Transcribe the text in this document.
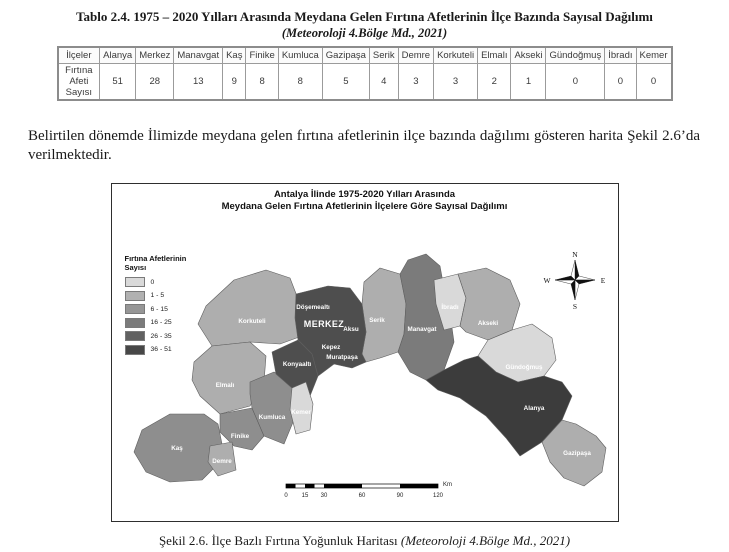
Tablo 2.4. 1975 – 2020 Yılları Arasında Meydana Gelen Fırtına Afetlerinin İlçe Bazında Sayısal Dağılımı
(Meteoroloji 4.Bölge Md., 2021)
İlçeler	Alanya	Merkez	Manavgat	Kaş	Finike	Kumluca	Gazipaşa	Serik	Demre	Korkuteli	Elmalı	Akseki	Gündoğmuş	İbradı	Kemer
Fırtına Afeti Sayısı	51	28	13	9	8	8	5	4	3	3	2	1	0	0	0

Belirtilen dönemde İlimizde meydana gelen fırtına afetlerinin ilçe bazında dağılımı gösteren harita Şekil 2.6’da verilmektedir.

Antalya İlinde 1975-2020 Yılları Arasında
Meydana Gelen Fırtına Afetlerinin İlçelere Göre Sayısal Dağılımı
Fırtına Afetlerinin
Sayısı
0
1 - 5
6 - 15
16 - 25
26 - 35
36 - 51
Korkuteli
Elmalı
Kaş
Demre
Finike
Kumluca
Kemer
Konyaaltı
Döşemealtı
MERKEZ
Aksu
Kepez
Muratpaşa
Serik
Manavgat
İbradı
Akseki
Gündoğmuş
Alanya
Gazipaşa
N
E
S
W
0 15 30	60	90	120
Km
Şekil 2.6. İlçe Bazlı Fırtına Yoğunluk Haritası (Meteoroloji 4.Bölge Md., 2021)
